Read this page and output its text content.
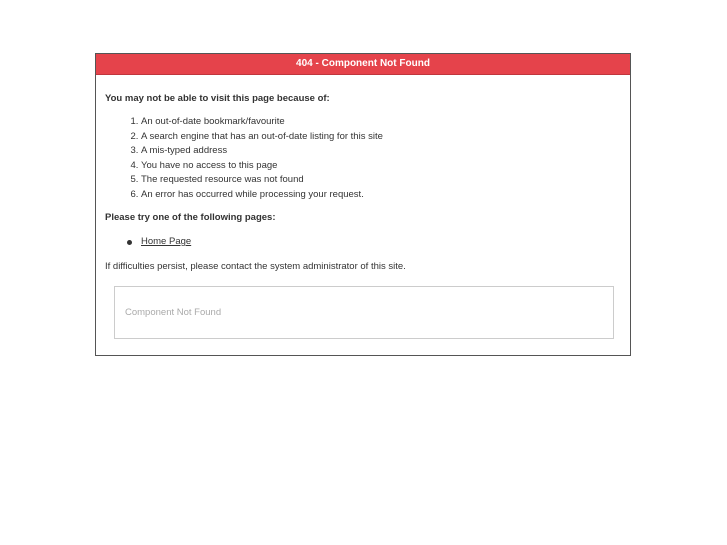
404 - Component Not Found

You may not be able to visit this page because of:

1. An out-of-date bookmark/favourite
2. A search engine that has an out-of-date listing for this site
3. A mis-typed address
4. You have no access to this page
5. The requested resource was not found
6. An error has occurred while processing your request.

Please try one of the following pages:

Home Page

If difficulties persist, please contact the system administrator of this site.

Component Not Found
